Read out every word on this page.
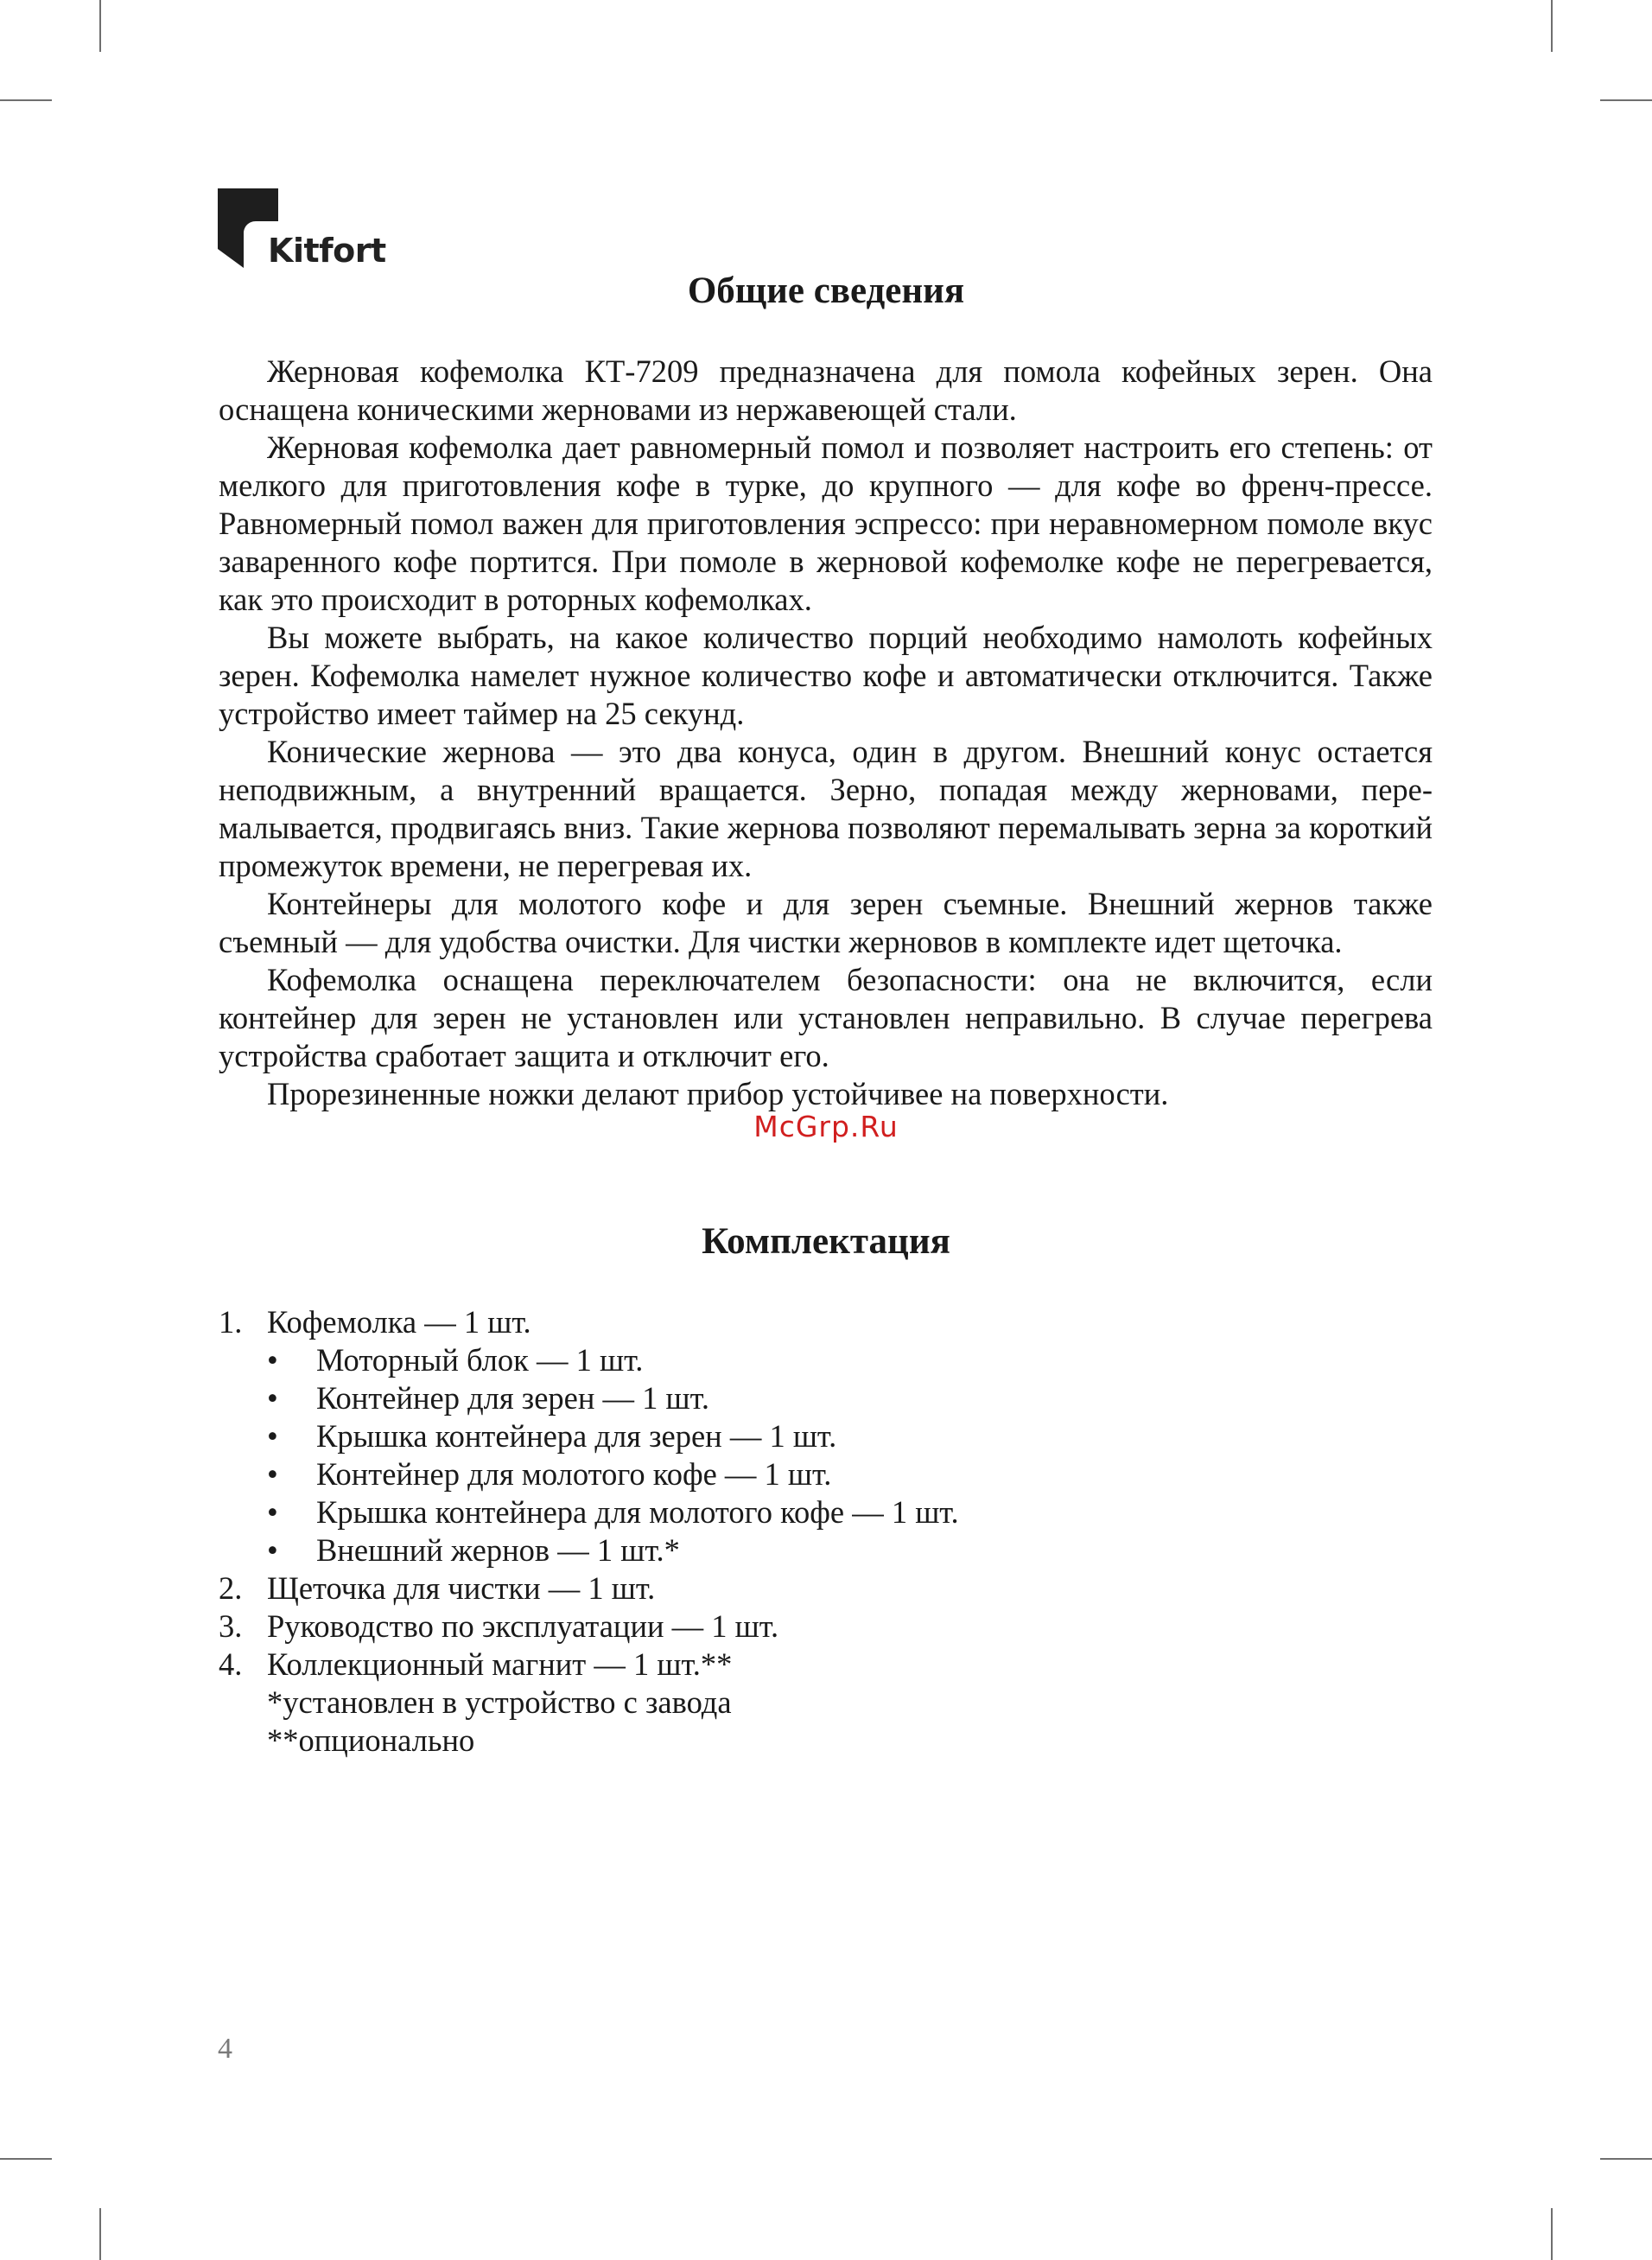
Kitfort
Общие сведения

Жерновая кофемолка КТ-7209 предназначена для помола кофейных зерен. Она оснащена коническими жерновами из нержавеющей стали.

Жерновая кофемолка дает равномерный помол и позволяет настроить его степень: от мелкого для приготовления кофе в турке, до крупного — для кофе во френч-прессе. Равномерный помол важен для приготовления эспрессо: при неравномерном помоле вкус заваренного кофе портится. При помоле в жерновой кофемолке кофе не перегревается, как это происходит в роторных кофемолках.

Вы можете выбрать, на какое количество порций необходимо намолоть кофейных зерен. Кофемолка намелет нужное количество кофе и автоматически отключится. Также устройство имеет таймер на 25 секунд.

Конические жернова — это два конуса, один в другом. Внешний конус остается неподвижным, а внутренний вращается. Зерно, попадая между жерновами, перемалывается, продвигаясь вниз. Такие жернова позволяют перемалывать зерна за короткий промежуток времени, не перегревая их.

Контейнеры для молотого кофе и для зерен съемные. Внешний жернов также съемный — для удобства очистки. Для чистки жерновов в комплекте идет щеточка.

Кофемолка оснащена переключателем безопасности: она не включится, если контейнер для зерен не установлен или установлен неправильно. В случае перегрева устройства сработает защита и отключит его.

Прорезиненные ножки делают прибор устойчивее на поверхности.

McGrp.Ru
Комплектация
1. Кофемолка — 1 шт.
• Моторный блок — 1 шт.
• Контейнер для зерен — 1 шт.
• Крышка контейнера для зерен — 1 шт.
• Контейнер для молотого кофе — 1 шт.
• Крышка контейнера для молотого кофе — 1 шт.
• Внешний жернов — 1 шт.*
2. Щеточка для чистки — 1 шт.
3. Руководство по эксплуатации — 1 шт.
4. Коллекционный магнит — 1 шт.**
*установлен в устройство с завода
**опционально
4
